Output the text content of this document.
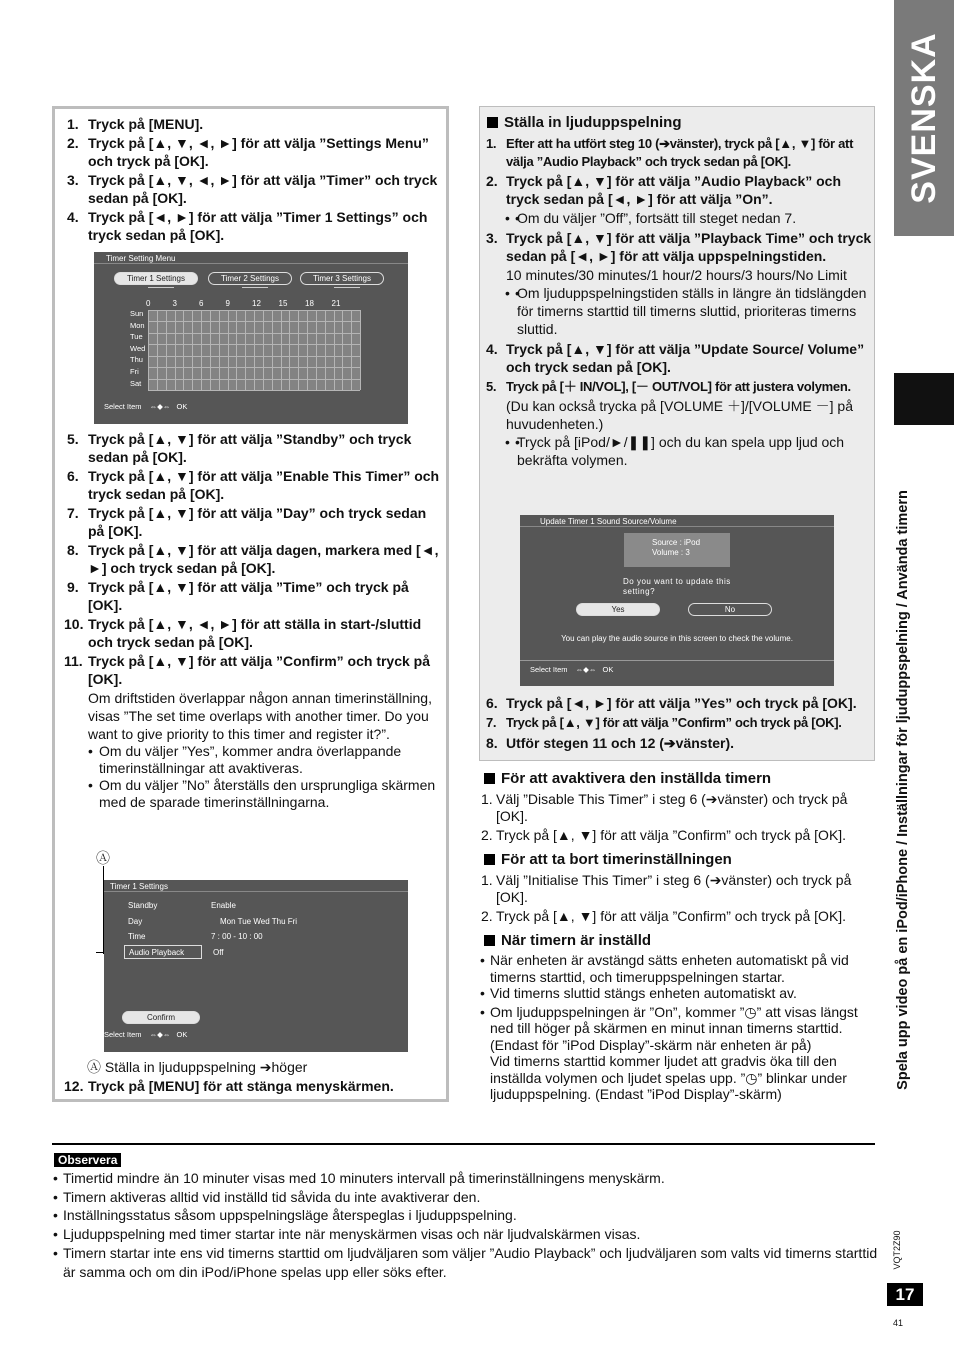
SVENSKA
Spela upp video på en iPod/iPhone / Inställningar för ljuduppspelning / Använda timern
VQT2Z90
17
41
1. Tryck på [MENU].
2. Tryck på [▲, ▼, ◄, ►] för att välja ”Settings Menu” och tryck på [OK].
3. Tryck på [▲, ▼, ◄, ►] för att välja ”Timer” och tryck sedan på [OK].
4. Tryck på [◄, ►] för att välja ”Timer 1 Settings” och tryck sedan på [OK].
Timer Setting Menu
Timer 1 Settings	Timer 2 Settings	Timer 3 Settings
Select Item ⇔◆⇔ OK
0	3	6	9	12 15 18 21
Sun
Mon
Tue
Wed
Thu
Fri
Sat
5. Tryck på [▲, ▼] för att välja ”Standby” och tryck sedan på [OK].
6. Tryck på [▲, ▼] för att välja ”Enable This Timer” och tryck sedan på [OK].
7. Tryck på [▲, ▼] för att välja ”Day” och tryck sedan på [OK].
8. Tryck på [▲, ▼] för att välja dagen, markera med [◄, ►] och tryck sedan på [OK].
9. Tryck på [▲, ▼] för att välja ”Time” och tryck på [OK].
10. Tryck på [▲, ▼, ◄, ►] för att ställa in start-/sluttid och tryck sedan på [OK].
11. Tryck på [▲, ▼] för att välja ”Confirm” och tryck på [OK].
Om driftstiden överlappar någon annan timerinställning, visas ”The set time overlaps with another timer. Do you want to give priority to this timer and register it?”.
• Om du väljer ”Yes”, kommer andra överlappande timerinställningar att avaktiveras.
• Om du väljer ”No” återställs den ursprungliga skärmen med de sparade timerinställningarna.
Ⓐ
Timer 1 Settings
Standby	Enable
Day	Mon Tue Wed Thu Fri
Time	7 : 00 - 10 : 00
Audio Playback	Off
Confirm
Select Item ⇔◆⇔ OK
Ⓐ Ställa in ljuduppspelning ➔höger
12. Tryck på [MENU] för att stänga menyskärmen.
Ställa in ljuduppspelning
1. Efter att ha utfört steg 10 (➔vänster), tryck på [▲, ▼] för att välja ”Audio Playback” och tryck sedan på [OK].
2. Tryck på [▲, ▼] för att välja ”Audio Playback” och tryck sedan på [◄, ►] för att välja ”On”.
• • Om du väljer ”Off”, fortsätt till steget nedan 7.
3. Tryck på [▲, ▼] för att välja ”Playback Time” och tryck sedan på [◄, ►] för att välja uppspelningstiden.
10 minutes/30 minutes/1 hour/2 hours/3 hours/No Limit
• • Om ljuduppspelningstiden ställs in längre än tidslängden för timerns starttid till timerns sluttid, prioriteras timerns sluttid.
4. Tryck på [▲, ▼] för att välja ”Update Source/ Volume” och tryck sedan på [OK].
5. Tryck på [＋ IN/VOL], [－ OUT/VOL] för att justera volymen.
(Du kan också trycka på [VOLUME ＋]/[VOLUME －] på huvudenheten.)
• • Tryck på [iPod/►/❚❚] och du kan spela upp ljud och bekräfta volymen.
Update Timer 1 Sound Source/Volume
Source : iPod
Volume : 3
Do you want to update this setting?
Yes	No
You can play the audio source in this screen to check the volume.
Select Item ⇔◆⇔ OK
6. Tryck på [◄, ►] för att välja ”Yes” och tryck på [OK].
7. Tryck på [▲, ▼] för att välja ”Confirm” och tryck på [OK].
8. Utför stegen 11 och 12 (➔vänster).
För att avaktivera den inställda timern
1. Välj ”Disable This Timer” i steg 6 (➔vänster) och tryck på [OK].
2. Tryck på [▲, ▼] för att välja ”Confirm” och tryck på [OK].
För att ta bort timerinställningen
1. Välj ”Initialise This Timer” i steg 6 (➔vänster) och tryck på [OK].
2. Tryck på [▲, ▼] för att välja ”Confirm” och tryck på [OK].
När timern är inställd
• När enheten är avstängd sätts enheten automatiskt på vid timerns starttid, och timeruppspelningen startar.
• Vid timerns sluttid stängs enheten automatiskt av.
• Om ljuduppspelningen är ”On”, kommer ”◷” att visas längst ned till höger på skärmen en minut innan timerns starttid. (Endast för ”iPod Display”-skärm när enheten är på)
Vid timerns starttid kommer ljudet att gradvis öka till den inställda volymen och ljudet spelas upp. ”◷” blinkar under ljuduppspelning. (Endast ”iPod Display”-skärm)
Observera
• Timertid mindre än 10 minuter visas med 10 minuters intervall på timerinställningens menyskärm.
• Timern aktiveras alltid vid inställd tid såvida du inte avaktiverar den.
• Inställningsstatus såsom uppspelningsläge återspeglas i ljuduppspelning.
• Ljuduppspelning med timer startar inte när menyskärmen visas och när ljudvalskärmen visas.
• Timern startar inte ens vid timerns starttid om ljudväljaren som väljer ”Audio Playback” och ljudväljaren som valts vid timerns starttid är samma och om din iPod/iPhone spelas upp eller söks efter.
